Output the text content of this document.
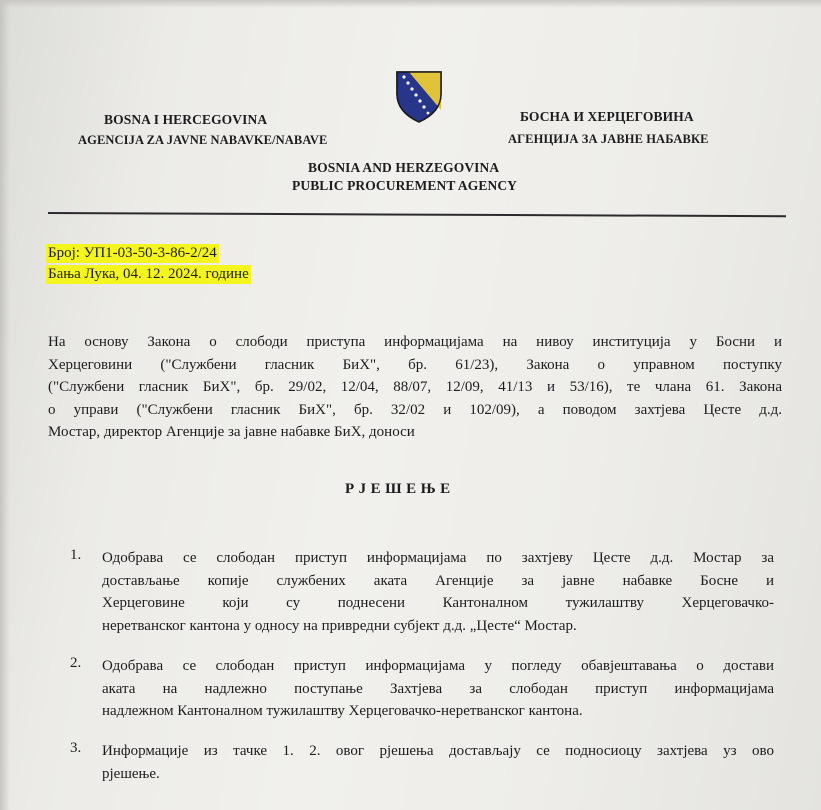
BOSNA I HERCEGOVINA
AGENCIJA ZA JAVNE NABAVKE/NABAVE
БОСНА И ХЕРЦЕГОВИНА
АГЕНЦИЈА ЗА ЈАВНЕ НАБАВКЕ
BOSNIA AND HERZEGOVINA
PUBLIC PROCUREMENT AGENCY
Број: УП1-03-50-3-86-2/24
Бања Лука, 04. 12. 2024. године
На основу Закона о слободи приступа информацијама на нивоу институција у Босни и
Херцеговини ("Службени гласник БиХ", бр. 61/23), Закона о управном поступку
("Службени гласник БиХ", бр. 29/02, 12/04, 88/07, 12/09, 41/13 и 53/16), те члана 61. Закона
о управи ("Службени гласник БиХ", бр. 32/02 и 102/09), а поводом захтјева Цесте д.д.
Мостар, директор Агенције за јавне набавке БиХ, доноси
РЈЕШЕЊЕ
1. Одобрава се слободан приступ информацијама по захтјеву Цесте д.д. Мостар за
достављање копије службених аката Агенције за јавне набавке Босне и
Херцеговине који су поднесени Кантоналном тужилаштву Херцеговачко-
неретванског кантона у односу на привредни субјект д.д. „Цесте“ Мостар.
2. Одобрава се слободан приступ информацијама у погледу обавјештавања о достави
аката на надлежно поступање Захтјева за слободан приступ информацијама
надлежном Кантоналном тужилаштву Херцеговачко-неретванског кантона.
3. Информације из тачке 1. 2. овог рјешења достављају се подносиоцу захтјева уз ово
рјешење.
